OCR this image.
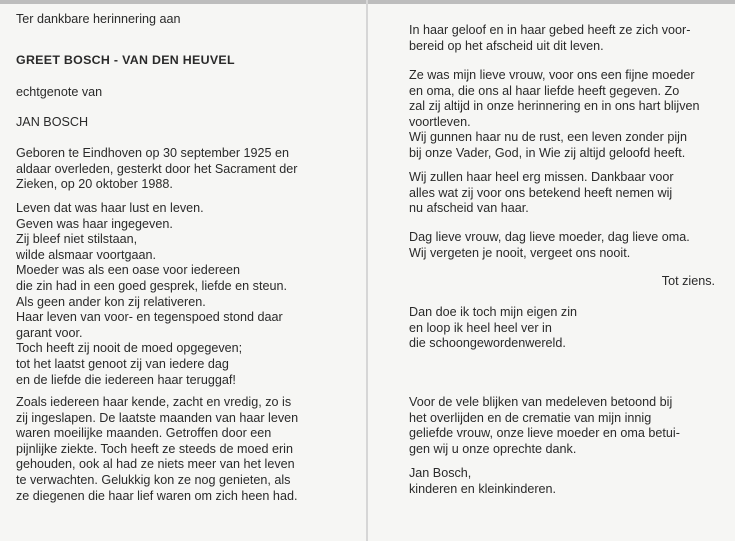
Ter dankbare herinnering aan
GREET BOSCH - VAN DEN HEUVEL
echtgenote van
JAN BOSCH
Geboren te Eindhoven op 30 september 1925 en
aldaar overleden, gesterkt door het Sacrament der
Zieken, op 20 oktober 1988.
Leven dat was haar lust en leven.
Geven was haar ingegeven.
Zij bleef niet stilstaan,
wilde alsmaar voortgaan.
Moeder was als een oase voor iedereen
die zin had in een goed gesprek, liefde en steun.
Als geen ander kon zij relativeren.
Haar leven van voor- en tegenspoed stond daar
garant voor.
Toch heeft zij nooit de moed opgegeven;
tot het laatst genoot zij van iedere dag
en de liefde die iedereen haar teruggaf!
Zoals iedereen haar kende, zacht en vredig, zo is
zij ingeslapen. De laatste maanden van haar leven
waren moeilijke maanden. Getroffen door een
pijnlijke ziekte. Toch heeft ze steeds de moed erin
gehouden, ook al had ze niets meer van het leven
te verwachten. Gelukkig kon ze nog genieten, als
ze diegenen die haar lief waren om zich heen had.
In haar geloof en in haar gebed heeft ze zich voor-
bereid op het afscheid uit dit leven.
Ze was mijn lieve vrouw, voor ons een fijne moeder
en oma, die ons al haar liefde heeft gegeven. Zo
zal zij altijd in onze herinnering en in ons hart blijven
voortleven.
Wij gunnen haar nu de rust, een leven zonder pijn
bij onze Vader, God, in Wie zij altijd geloofd heeft.
Wij zullen haar heel erg missen. Dankbaar voor
alles wat zij voor ons betekend heeft nemen wij
nu afscheid van haar.
Dag lieve vrouw, dag lieve moeder, dag lieve oma.
Wij vergeten je nooit, vergeet ons nooit.
Tot ziens.
Dan doe ik toch mijn eigen zin
en loop ik heel heel ver in
die schoongewordenwereld.
Voor de vele blijken van medeleven betoond bij
het overlijden en de crematie van mijn innig
geliefde vrouw, onze lieve moeder en oma betui-
gen wij u onze oprechte dank.
Jan Bosch,
kinderen en kleinkinderen.
